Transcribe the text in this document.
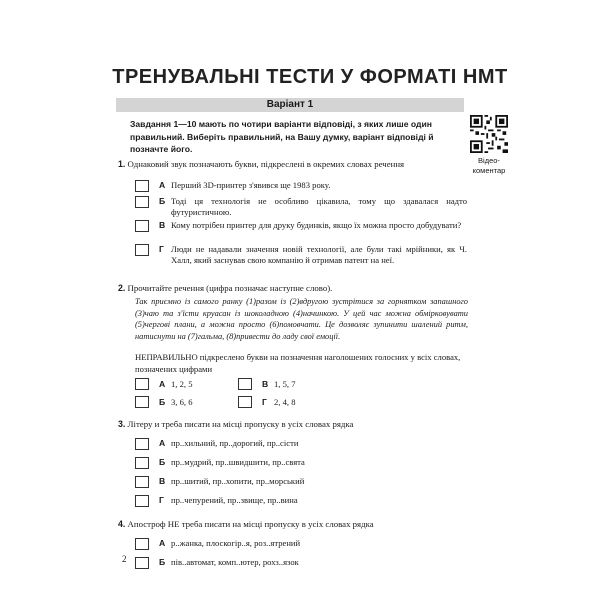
ТРЕНУВАЛЬНІ ТЕСТИ У ФОРМАТІ НМТ
Варіант 1
Завдання 1—10 мають по чотири варіанти відповіді, з яких лише один правильний. Виберіть правильний, на Вашу думку, варіант відповіді й позначте його.
Відео-коментар
1. Однаковий звук позначають букви, підкреслені в окремих словах речення
А Перший 3D-принтер з'явився ще 1983 року.
Б Тоді ця технологія не особливо цікавила, тому що здавалася надто футуристичною.
В Кому потрібен принтер для друку будинків, якщо їх можна просто добудувати?
Г Люди не надавали значення новій технології, але були такі мрійники, як Ч. Халл, який заснував свою компанію й отримав патент на неї.
2. Прочитайте речення (цифра позначає наступне слово).
Так приємно із самого ранку (1)разом із (2)вдругою зустрітися за горнятком запашного (3)чаю та з'їсти круасан із шоколадною (4)начинкою. У цей час можна обмірковувати (5)чергові плани, а можна просто (6)помовчати. Це дозволяє зупинити шалений ритм, натиснути на (7)гальма, (8)привести до ладу свої емоції.
НЕПРАВИЛЬНО підкреслено букви на позначення наголошених голосних у всіх словах, позначених цифрами
А 1, 2, 5	В 1, 5, 7
Б 3, 6, 6	Г 2, 4, 8
3. Літеру и треба писати на місці пропуску в усіх словах рядка
А пр..хильний, пр..дорогий, пр..сісти
Б пр..мудрий, пр..швидшити, пр..свята
В пр..шитий, пр..хопити, пр..морський
Г пр..чепурений, пр..звище, пр..вина
4. Апостроф НЕ треба писати на місці пропуску в усіх словах рядка
А р..жанка, плоскогір..я, роз..ятрений
Б пів..автомат, комп..ютер, рохз..язок
2
